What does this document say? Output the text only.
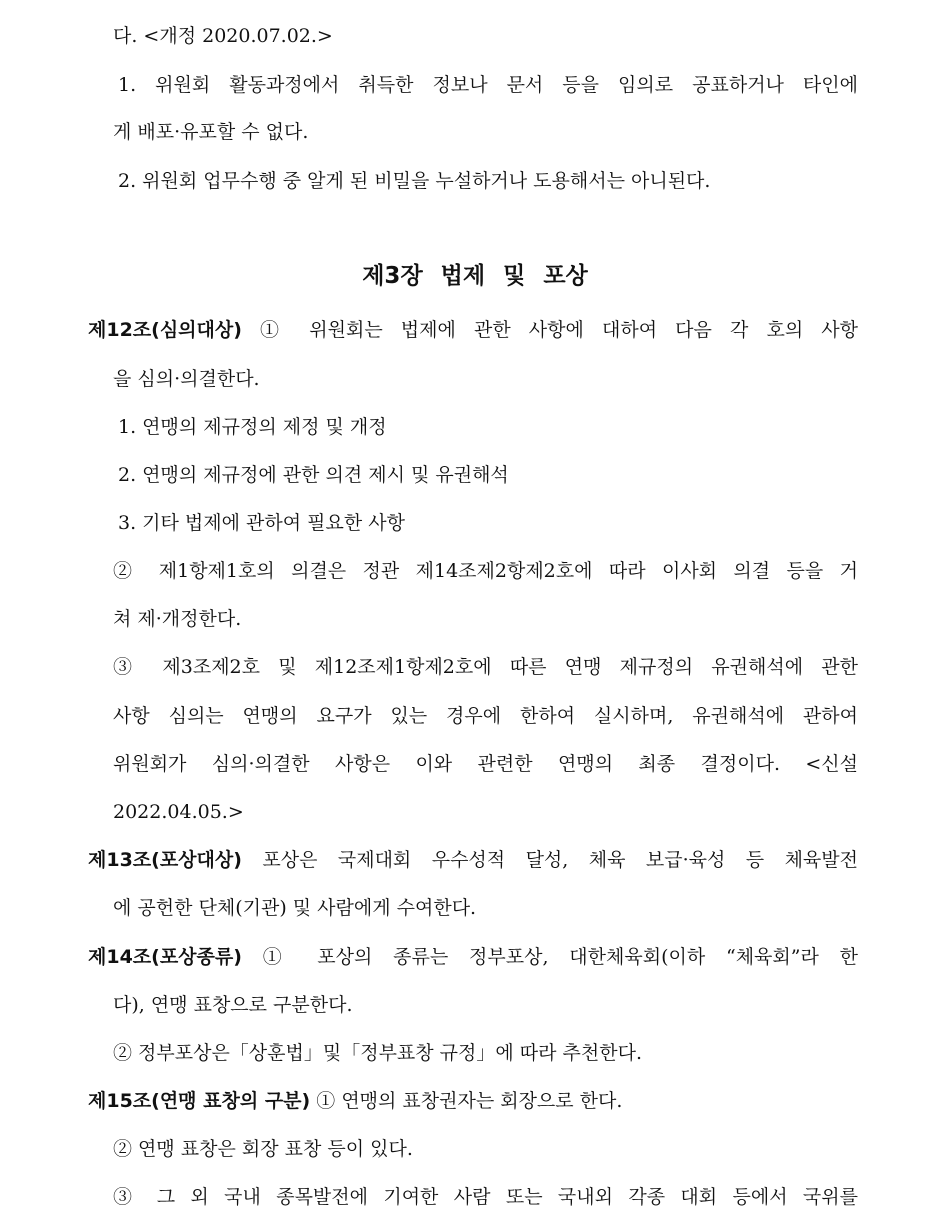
다. <개정 2020.07.02.>
1. 위원회 활동과정에서 취득한 정보나 문서 등을 임의로 공표하거나 타인에
게 배포·유포할 수 없다.
2. 위원회 업무수행 중 알게 된 비밀을 누설하거나 도용해서는 아니된다.
제3장 법제 및 포상
제12조(심의대상) ① 위원회는 법제에 관한 사항에 대하여 다음 각 호의 사항
을 심의·의결한다.
1. 연맹의 제규정의 제정 및 개정
2. 연맹의 제규정에 관한 의견 제시 및 유권해석
3. 기타 법제에 관하여 필요한 사항
② 제1항제1호의 의결은 정관 제14조제2항제2호에 따라 이사회 의결 등을 거
쳐 제·개정한다.
③ 제3조제2호 및 제12조제1항제2호에 따른 연맹 제규정의 유권해석에 관한
사항 심의는 연맹의 요구가 있는 경우에 한하여 실시하며, 유권해석에 관하여
위원회가 심의·의결한 사항은 이와 관련한 연맹의 최종 결정이다. <신설
2022.04.05.>
제13조(포상대상) 포상은 국제대회 우수성적 달성, 체육 보급·육성 등 체육발전
에 공헌한 단체(기관) 및 사람에게 수여한다.
제14조(포상종류) ① 포상의 종류는 정부포상, 대한체육회(이하 “체육회”라 한
다), 연맹 표창으로 구분한다.
② 정부포상은「상훈법」및「정부표창 규정」에 따라 추천한다.
제15조(연맹 표창의 구분) ① 연맹의 표창권자는 회장으로 한다.
② 연맹 표창은 회장 표창 등이 있다.
③ 그 외 국내 종목발전에 기여한 사람 또는 국내외 각종 대회 등에서 국위를
